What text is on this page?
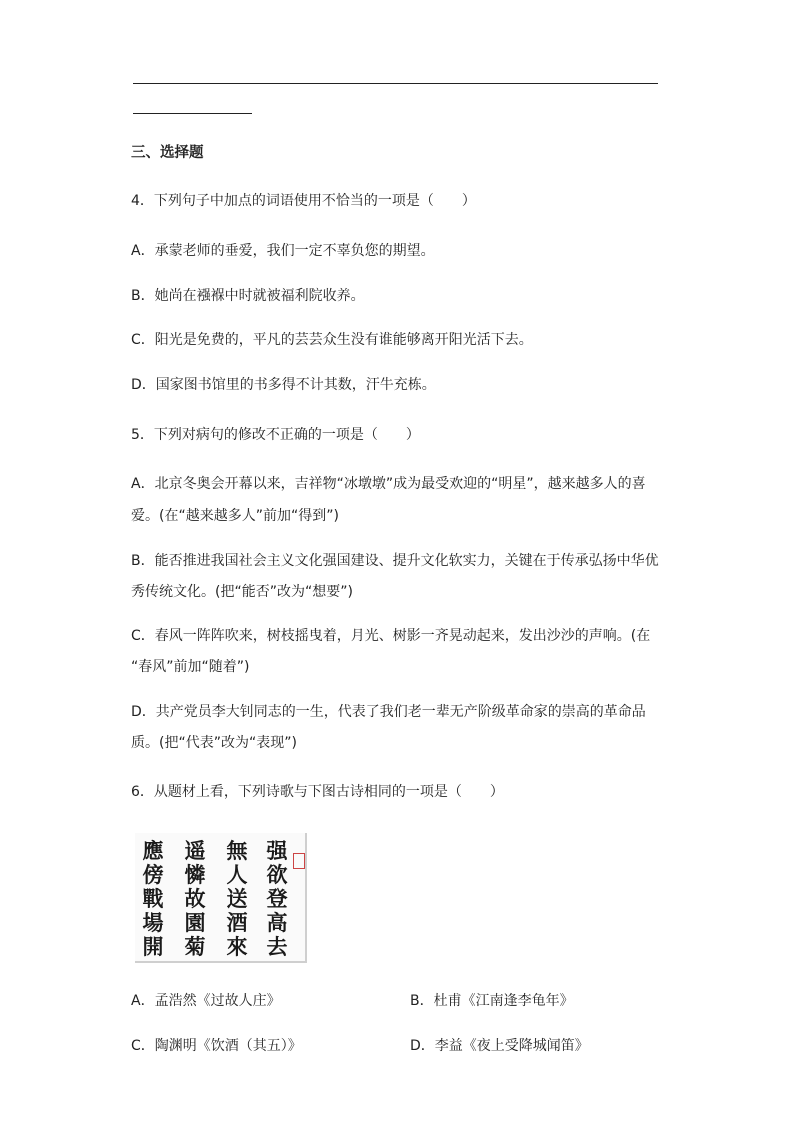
三、选择题
4．下列句子中加点的词语使用不恰当的一项是（　　）
A．承蒙老师的垂爱，我们一定不辜负您的期望。
B．她尚在襁褓中时就被福利院收养。
C．阳光是免费的，平凡的芸芸众生没有谁能够离开阳光活下去。
D．国家图书馆里的书多得不计其数，汗牛充栋。
5．下列对病句的修改不正确的一项是（　　）
A．北京冬奥会开幕以来，吉祥物“冰墩墩”成为最受欢迎的“明星”，越来越多人的喜
爱。(在“越来越多人”前加“得到”)
B．能否推进我国社会主义文化强国建设、提升文化软实力，关键在于传承弘扬中华优
秀传统文化。(把“能否”改为“想要”)
C．春风一阵阵吹来，树枝摇曳着，月光、树影一齐晃动起来，发出沙沙的声响。(在
“春风”前加“随着”)
D．共产党员李大钊同志的一生，代表了我们老一辈无产阶级革命家的崇高的革命品
质。(把“代表”改为“表现”)
6．从题材上看，下列诗歌与下图古诗相同的一项是（　　）
應傍戰場開
遥憐故園菊
無人送酒來
强欲登高去
A．孟浩然《过故人庄》	B．杜甫《江南逢李龟年》
C．陶渊明《饮酒（其五）》	D．李益《夜上受降城闻笛》
